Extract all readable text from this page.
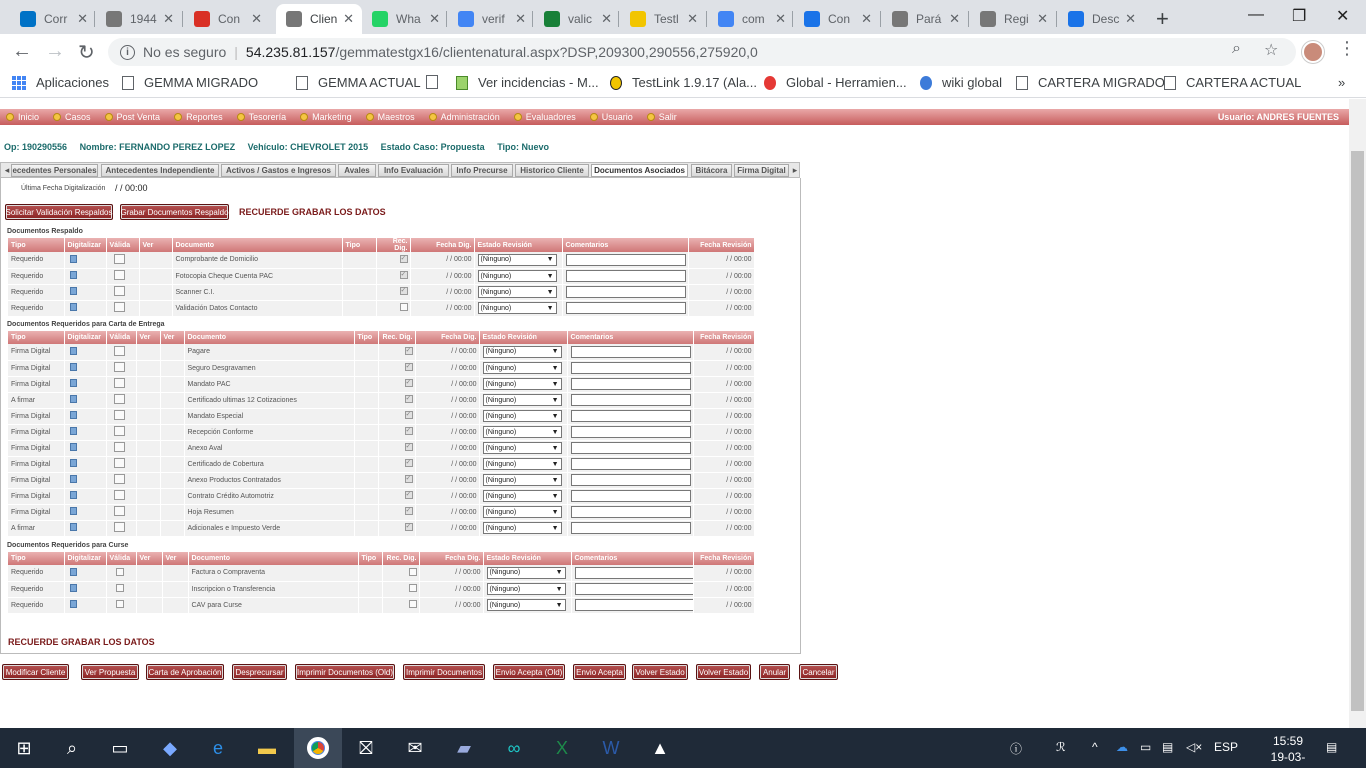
Corr ✕	1944 ✕	Con ✕	Clien ✕	Wha ✕	verif ✕	valic ✕	Testl ✕	com ✕	Con ✕	Pará ✕	Regi ✕	Desc ✕ +	— ❐ ✕
← → ↻	i	No es seguro | 54.235.81.157 /gemmatestgx16/clientenatural.aspx?DSP,209300,290556,275920,0	⌕ ☆	⋮
Aplicaciones	GEMMA MIGRADO	GEMMA ACTUAL	Ver incidencias - M...	TestLink 1.9.17 (Ala... Global - Herramien...	wiki global	CARTERA MIGRADO CARTERA ACTUAL	»
Inicio	Casos	Post Venta	Reportes	Tesorería	Marketing	Maestros	Administración	Evaluadores	Usuario	Salir	Usuario: ANDRES FUENTES
Op: 190290556 Nombre: FERNANDO PEREZ LOPEZ Vehículo: CHEVROLET 2015 Estado Caso: Propuesta Tipo: Nuevo
◂ ecedentes Personales	Antecedentes Independiente	Activos / Gastos e Ingresos	Avales	Info Evaluación	Info Precurse	Historico Cliente	Documentos Asociados	Bitácora	Firma Digital ▸
Última Fecha Digitalización / / 00:00
Solicitar Validación Respaldos Grabar Documentos Respaldo RECUERDE GRABAR LOS DATOS
Documentos Respaldo
Tipo	Digitalizar	Válida	Ver	Documento	Tipo	Rec. Dig.	Fecha Dig.	Estado Revisión	Comentarios	Fecha Revisión
Requerido				Comprobante de Domicilio		✓	/ / 00:00	(Ninguno) ▼		/ / 00:00
Requerido				Fotocopia Cheque Cuenta PAC		✓	/ / 00:00	(Ninguno) ▼		/ / 00:00
Requerido				Scanner C.I.		✓	/ / 00:00	(Ninguno) ▼		/ / 00:00
Requerido				Validación Datos Contacto			/ / 00:00	(Ninguno) ▼		/ / 00:00
Documentos Requeridos para Carta de Entrega
Tipo	Digitalizar	Válida	Ver	Ver	Documento	Tipo	Rec. Dig.	Fecha Dig.	Estado Revisión	Comentarios	Fecha Revisión
Firma Digital					Pagare		✓	/ / 00:00	(Ninguno) ▼		/ / 00:00
Firma Digital					Seguro Desgravamen		✓	/ / 00:00	(Ninguno) ▼		/ / 00:00
Firma Digital					Mandato PAC		✓	/ / 00:00	(Ninguno) ▼		/ / 00:00
A firmar					Certificado ultimas 12 Cotizaciones		✓	/ / 00:00	(Ninguno) ▼		/ / 00:00
Firma Digital					Mandato Especial		✓	/ / 00:00	(Ninguno) ▼		/ / 00:00
Firma Digital					Recepción Conforme		✓	/ / 00:00	(Ninguno) ▼		/ / 00:00
Firma Digital					Anexo Aval		✓	/ / 00:00	(Ninguno) ▼		/ / 00:00
Firma Digital					Certificado de Cobertura		✓	/ / 00:00	(Ninguno) ▼		/ / 00:00
Firma Digital					Anexo Productos Contratados		✓	/ / 00:00	(Ninguno) ▼		/ / 00:00
Firma Digital					Contrato Crédito Automotriz		✓	/ / 00:00	(Ninguno) ▼		/ / 00:00
Firma Digital					Hoja Resumen		✓	/ / 00:00	(Ninguno) ▼		/ / 00:00
A firmar					Adicionales e Impuesto Verde		✓	/ / 00:00	(Ninguno) ▼		/ / 00:00
Documentos Requeridos para Curse
Tipo	Digitalizar	Válida	Ver	Ver	Documento	Tipo	Rec. Dig.	Fecha Dig.	Estado Revisión	Comentarios	Fecha Revisión
Requerido					Factura o Compraventa			/ / 00:00	(Ninguno) ▼		/ / 00:00
Requerido					Inscripcion o Transferencia			/ / 00:00	(Ninguno) ▼		/ / 00:00
Requerido					CAV para Curse			/ / 00:00	(Ninguno) ▼		/ / 00:00
RECUERDE GRABAR LOS DATOS
Modificar Cliente	Ver Propuesta	Carta de Aprobación	Desprecursar	Imprimir Documentos (Old)	Imprimir Documentos	Envio Acepta (Old)	Envio Acepta	Volver Estado	Volver Estado	Anular	Cancelar
⊞	⌕	▭ ◆	e	▬	⛝ ✉ ▰	∞	X	W ▲	ⓘ	ℛ ^ ☁ ▭ ▤ ◁× ESP	15:59
19-03-2019
▤
